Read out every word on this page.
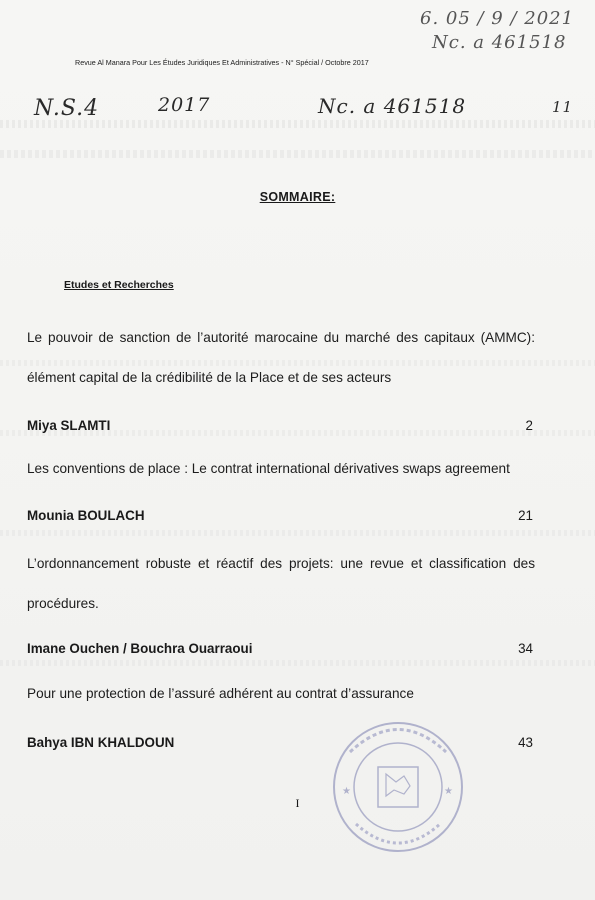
6. 05 / 9 / 2021
Nc. a 461518
N.S.4	2017	Nc. a 461518	11
Revue Al Manara Pour Les Études Juridiques Et Administratives - N° Spécial / Octobre 2017
SOMMAIRE:
Etudes et Recherches
Le pouvoir de sanction de l’autorité marocaine du marché des capitaux (AMMC):
élément capital de la crédibilité de la Place et de ses acteurs
Miya SLAMTI	2
Les conventions de place : Le contrat international dérivatives swaps agreement
Mounia BOULACH	21
L’ordonnancement robuste et réactif des projets: une revue et classification des
procédures.
Imane Ouchen / Bouchra Ouarraoui	34
Pour une protection de l’assuré adhérent au contrat d’assurance
Bahya IBN KHALDOUN	43
I
★	★
